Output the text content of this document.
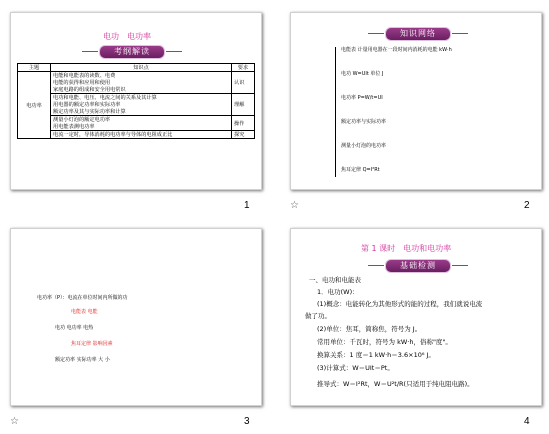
电功　电功率
考纲解读
主题	知识点	要求
电功率	电能和电能表的读数、电费
电能的获得和应用和使用
家庭电路的组成和安全用电常识	认识

	电功和电能、电压、电流之间的关系及其计算
用电器的额定功率和实际功率
额定功率及其与实际功率和计算	理解

	测量小灯泡的额定电功率
用电能表测电功率	操作

	电流一定时，导体消耗的电功率与导体的电阻成正比	探究
1
知识网络
电能表 计量用电器在一段时间内消耗的电能 kW·h
电功 W=UIt 单位 J
电功率 P=W/t=UI
额定功率与实际功率
测量小灯泡的电功率
焦耳定律 Q=I²Rt
☆	2
电功率（P）：电流在单位时间内所做的功
电能表 电能
电功 电功率 电热
焦耳定律 影响因素
额定功率 实际功率 大 小
☆	3
第 1 课时　电功和电功率
基础检测
一、电功和电能表
1．电功(W)：
(1)概念：电能转化为其他形式的能的过程，我们就说电流
做了功。
(2)单位：焦耳，简称焦，符号为 J。
常用单位：千瓦时，符号为 kW·h，俗称"度"。
换算关系：1 度＝1 kW·h＝3.6×10⁶ J。
(3)计算式：W＝UIt＝Pt。
推导式：W＝I²Rt，W＝U²t/R(只适用于纯电阻电路)。
4
